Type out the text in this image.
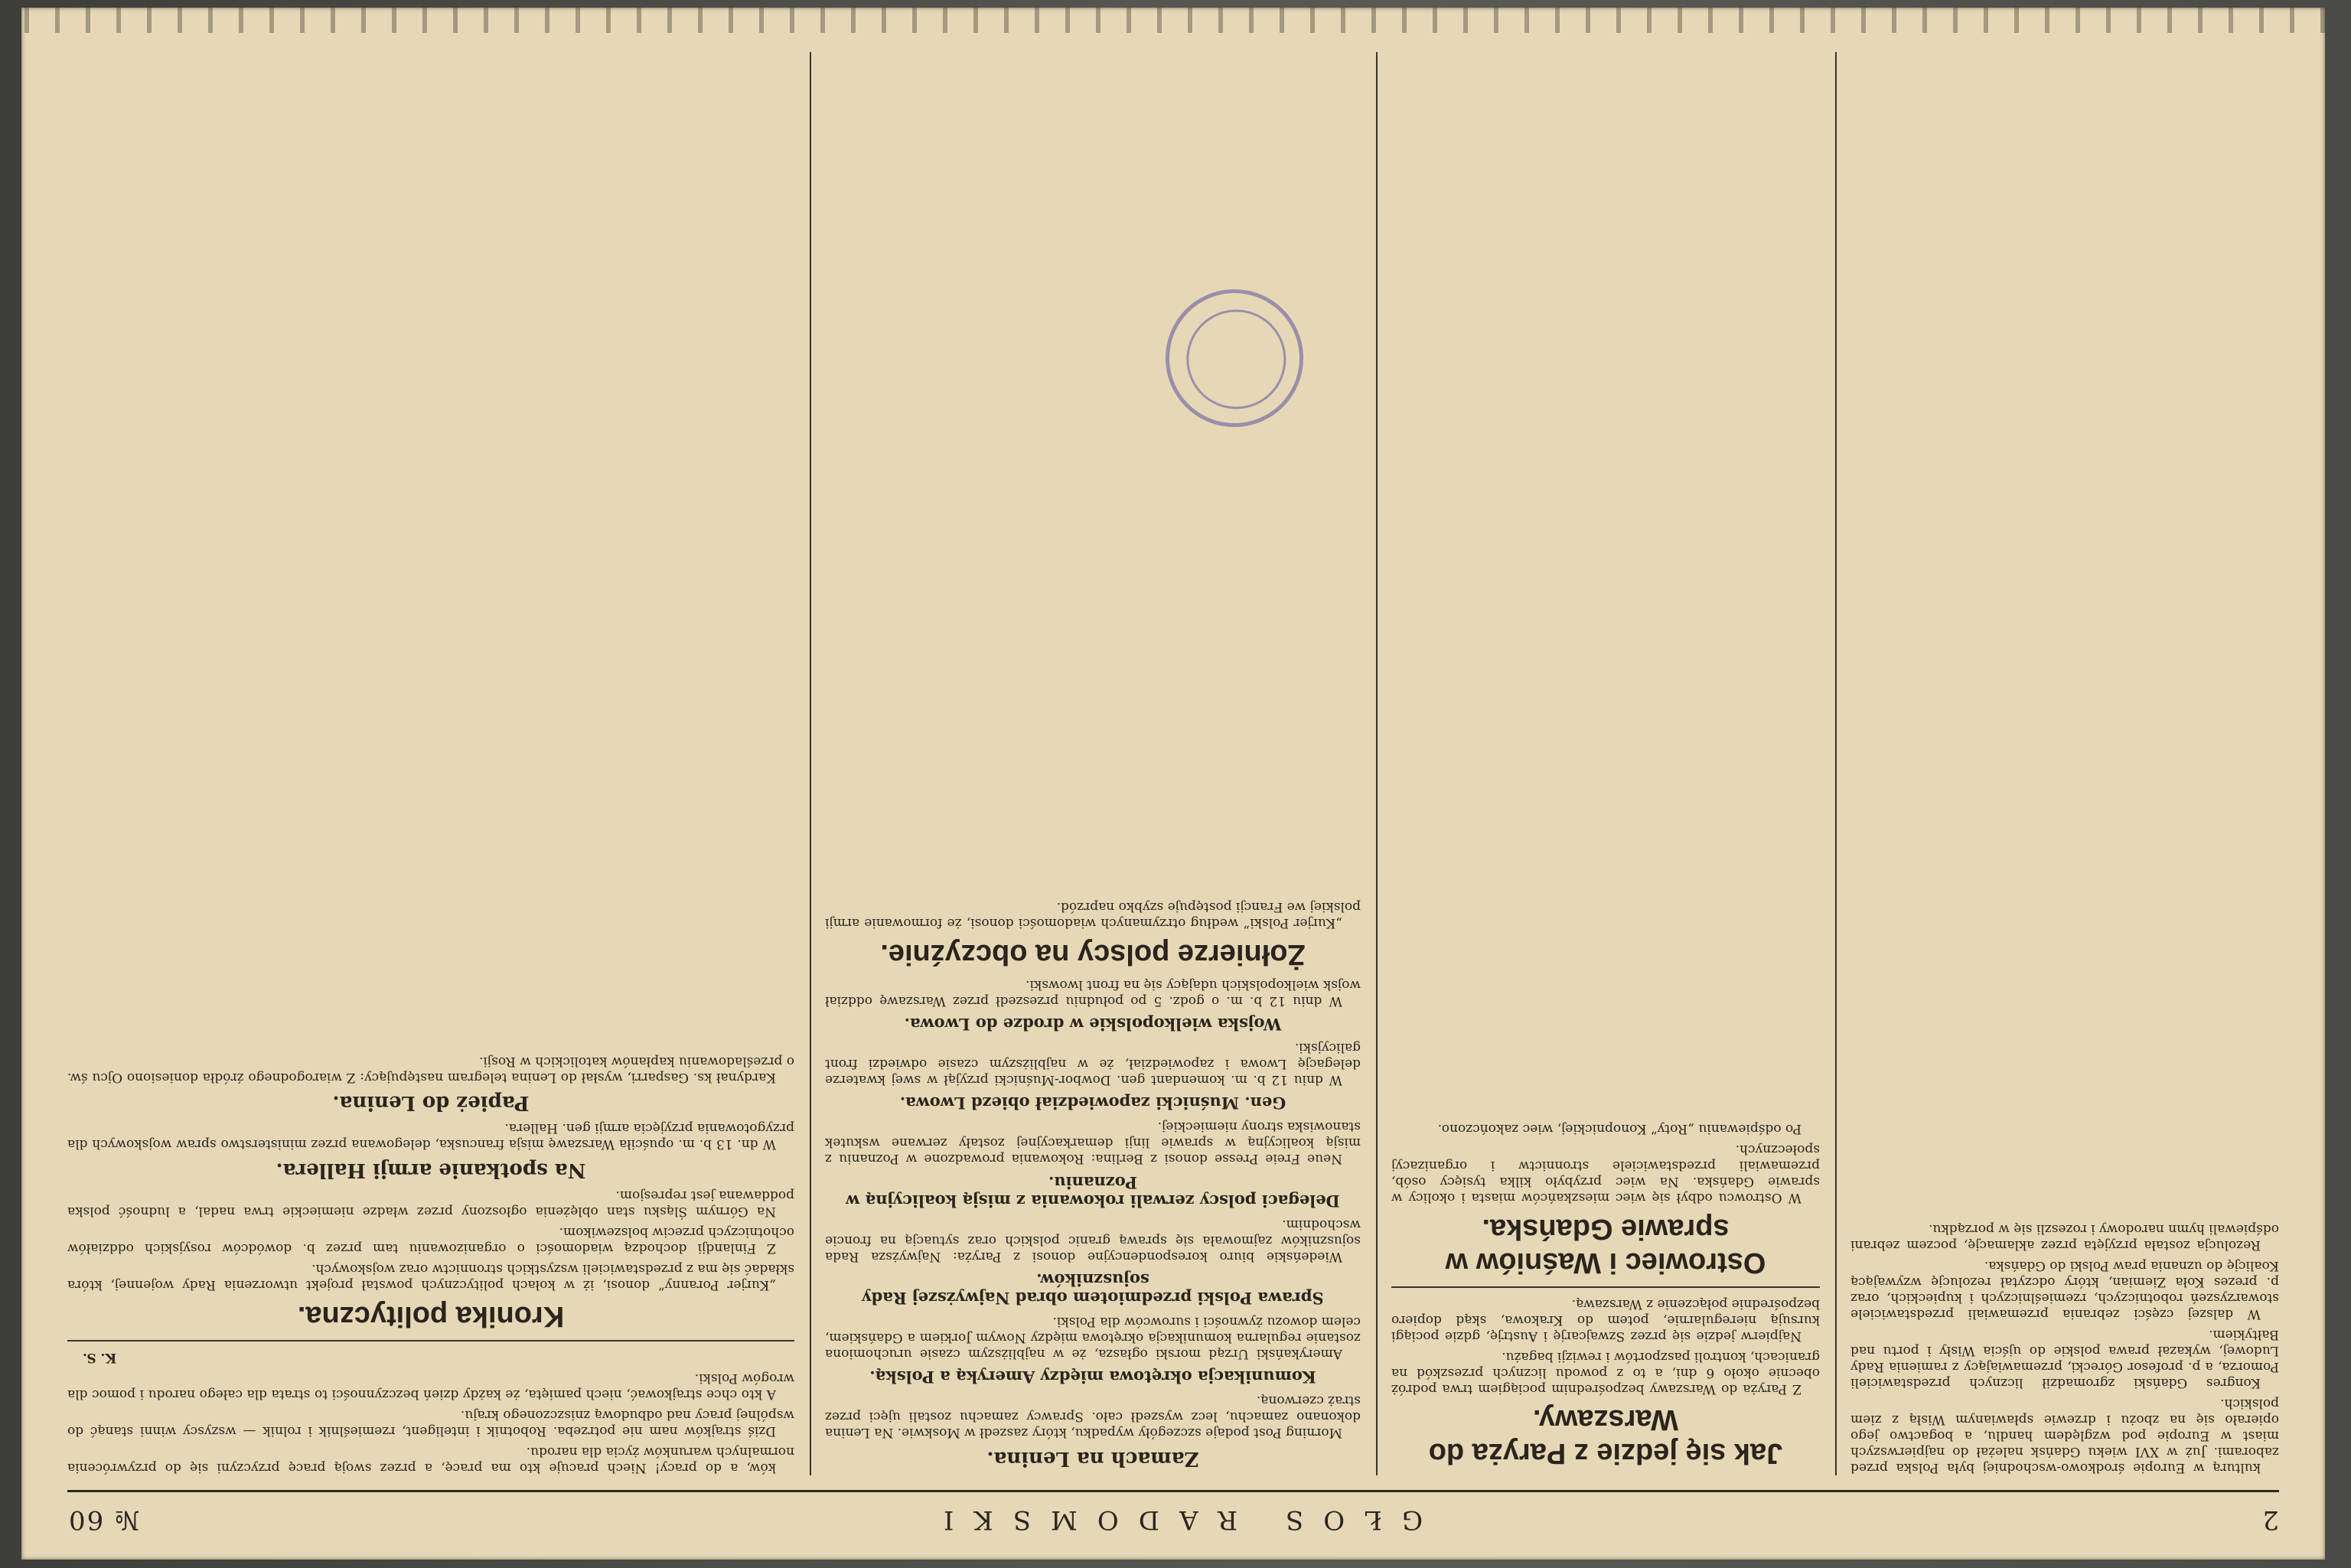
2
GŁOS RADOMSKI
№ 60

kulturą w Europie środkowo-wschodniej była Polska przed zaborami. Już w XVI wieku Gdańsk należał do najpierwszych miast w Europie pod względem handlu, a bogactwo jego opierało się na zbożu i drzewie spławianym Wisłą z ziem polskich.

Kongres Gdański zgromadził licznych przedstawicieli Pomorza, a p. profesor Górecki, przemawiający z ramienia Rady Ludowej, wykazał prawa polskie do ujścia Wisły i portu nad Bałtykiem.

W dalszej części zebrania przemawiali przedstawiciele stowarzyszeń robotniczych, rzemieślniczych i kupieckich, oraz p. prezes Koła Ziemian, który odczytał rezolucję wzywającą Koalicję do uznania praw Polski do Gdańska.

Rezolucja została przyjęta przez aklamację, poczem zebrani odśpiewali hymn narodowy i rozeszli się w porządku.

Jak się jedzie z Paryża do Warszawy.

Z Paryża do Warszawy bezpośrednim pociągiem trwa podróż obecnie około 6 dni, a to z powodu licznych przeszkód na granicach, kontroli paszportów i rewizji bagażu.

Najpierw jedzie się przez Szwajcarję i Austrję, gdzie pociągi kursują nieregularnie, potem do Krakowa, skąd dopiero bezpośrednie połączenie z Warszawą.

Ostrowiec i Waśniów w sprawie Gdańska.

W Ostrowcu odbył się wiec mieszkańców miasta i okolicy w sprawie Gdańska. Na wiec przybyło kilka tysięcy osób, przemawiali przedstawiciele stronnictw i organizacyj społecznych.

Po odśpiewaniu „Roty” Konopnickiej, wiec zakończono.

Zamach na Lenina.

Morning Post podaje szczegóły wypadku, który zaszedł w Moskwie. Na Lenina dokonano zamachu, lecz wyszedł cało. Sprawcy zamachu zostali ujęci przez straż czerwoną.

Komunikacja okrętowa między Ameryką a Polską.

Amerykański Urząd morski ogłasza, że w najbliższym czasie uruchomiona zostanie regularna komunikacja okrętowa między Nowym Jorkiem a Gdańskiem, celem dowozu żywności i surowców dla Polski.

Sprawa Polski przedmiotem obrad Najwyższej Rady sojuszników.

Wiedeńskie biuro korespondencyjne donosi z Paryża: Najwyższa Rada sojuszników zajmowała się sprawą granic polskich oraz sytuacją na froncie wschodnim.

Delegaci polscy zerwali rokowania z misją koalicyjną w Poznaniu.

Neue Freie Presse donosi z Berlina: Rokowania prowadzone w Poznaniu z misją koalicyjną w sprawie linji demarkacyjnej zostały zerwane wskutek stanowiska strony niemieckiej.

Gen. Muśnicki zapowiedział obiezd Lwowa.

W dniu 12 b. m. komendant gen. Dowbor-Muśnicki przyjął w swej kwaterze delegację Lwowa i zapowiedział, że w najbliższym czasie odwiedzi front galicyjski.

Wojska wielkopolskie w drodze do Lwowa.

W dniu 12 b. m. o godz. 5 po południu przeszedł przez Warszawę oddział wojsk wielkopolskich udający się na front lwowski.

Żołnierze polscy na obczyźnie.

„Kurjer Polski” według otrzymanych wiadomości donosi, że formowanie armji polskiej we Francji postępuje szybko naprzód.

ków, a do pracy! Niech pracuje kto ma pracę, a przez swoją pracę przyczyni się do przywrócenia normalnych warunków życia dla narodu.

Dziś strajków nam nie potrzeba. Robotnik i inteligent, rzemieślnik i rolnik — wszyscy winni stanąć do wspólnej pracy nad odbudową zniszczonego kraju.

A kto chce strajkować, niech pamięta, że każdy dzień bezczynności to strata dla całego narodu i pomoc dla wrogów Polski.

K. S.
Kronika polityczna.

„Kurjer Poranny” donosi, iż w kołach politycznych powstał projekt utworzenia Rady wojennej, która składać się ma z przedstawicieli wszystkich stronnictw oraz wojskowych.

Z Finlandji dochodzą wiadomości o organizowaniu tam przez b. dowódców rosyjskich oddziałów ochotniczych przeciw bolszewikom.

Na Górnym Śląsku stan oblężenia ogłoszony przez władze niemieckie trwa nadal, a ludność polska poddawana jest represjom.

Na spotkanie armji Hallera.

W dn. 13 b. m. opuściła Warszawę misja francuska, delegowana przez ministerstwo spraw wojskowych dla przygotowania przyjęcia armji gen. Hallera.

Papież do Lenina.

Kardynał ks. Gasparri, wysłał do Lenina telegram następujący: Z wiarogodnego źródła doniesiono Ojcu św. o prześladowaniu kapłanów katolickich w Rosji.
